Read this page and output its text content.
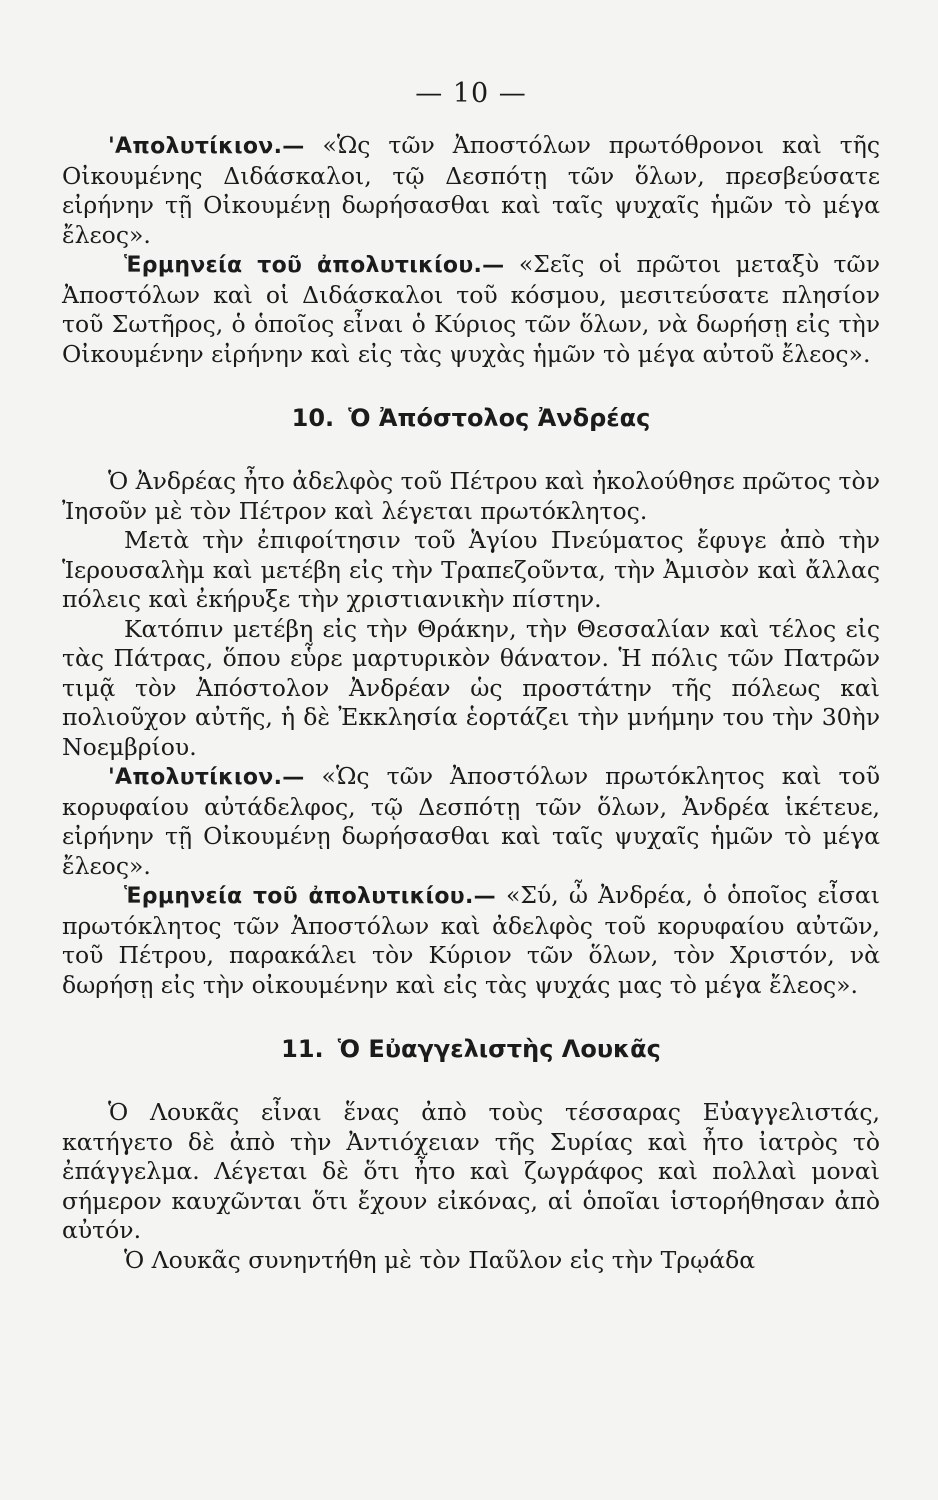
— 10 —

'Απολυτίκιον.— «Ὡς τῶν Ἀποστόλων πρωτόθρονοι καὶ τῆς Οἰκουμένης Διδάσκαλοι, τῷ Δεσπότῃ τῶν ὅλων, πρεσβεύσατε εἰρήνην τῇ Οἰκουμένῃ δωρήσασθαι καὶ ταῖς ψυχαῖς ἡμῶν τὸ μέγα ἔλεος».

Ἑρμηνεία τοῦ ἀπολυτικίου.— «Σεῖς οἱ πρῶτοι μεταξὺ τῶν Ἀποστόλων καὶ οἱ Διδάσκαλοι τοῦ κόσμου, μεσιτεύσατε πλησίον τοῦ Σωτῆρος, ὁ ὁποῖος εἶναι ὁ Κύριος τῶν ὅλων, νὰ δωρήσῃ εἰς τὴν Οἰκουμένην εἰρήνην καὶ εἰς τὰς ψυχὰς ἡμῶν τὸ μέγα αὐτοῦ ἔλεος».

10. Ὁ Ἀπόστολος Ἀνδρέας

Ὁ Ἀνδρέας ἦτο ἀδελφὸς τοῦ Πέτρου καὶ ἠκολούθησε πρῶτος τὸν Ἰησοῦν μὲ τὸν Πέτρον καὶ λέγεται πρωτόκλητος.

Μετὰ τὴν ἐπιφοίτησιν τοῦ Ἁγίου Πνεύματος ἔφυγε ἀπὸ τὴν Ἱερουσαλὴμ καὶ μετέβη εἰς τὴν Τραπεζοῦντα, τὴν Ἀμισὸν καὶ ἄλλας πόλεις καὶ ἐκήρυξε τὴν χριστιανικὴν πίστην.

Κατόπιν μετέβη εἰς τὴν Θράκην, τὴν Θεσσαλίαν καὶ τέλος εἰς τὰς Πάτρας, ὅπου εὗρε μαρτυρικὸν θάνατον. Ἡ πόλις τῶν Πατρῶν τιμᾷ τὸν Ἀπόστολον Ἀνδρέαν ὡς προστάτην τῆς πόλεως καὶ πολιοῦχον αὐτῆς, ἡ δὲ Ἐκκλησία ἑορτάζει τὴν μνήμην του τὴν 30ὴν Νοεμβρίου.

'Απολυτίκιον.— «Ὡς τῶν Ἀποστόλων πρωτόκλητος καὶ τοῦ κορυφαίου αὐτάδελφος, τῷ Δεσπότῃ τῶν ὅλων, Ἀνδρέα ἱκέτευε, εἰρήνην τῇ Οἰκουμένῃ δωρήσασθαι καὶ ταῖς ψυχαῖς ἡμῶν τὸ μέγα ἔλεος».

Ἑρμηνεία τοῦ ἀπολυτικίου.— «Σύ, ὦ Ἀνδρέα, ὁ ὁποῖος εἶσαι πρωτόκλητος τῶν Ἀποστόλων καὶ ἀδελφὸς τοῦ κορυφαίου αὐτῶν, τοῦ Πέτρου, παρακάλει τὸν Κύριον τῶν ὅλων, τὸν Χριστόν, νὰ δωρήσῃ εἰς τὴν οἰκουμένην καὶ εἰς τὰς ψυχάς μας τὸ μέγα ἔλεος».

11. Ὁ Εὐαγγελιστὴς Λουκᾶς

Ὁ Λουκᾶς εἶναι ἕνας ἀπὸ τοὺς τέσσαρας Εὐαγγελιστάς, κατήγετο δὲ ἀπὸ τὴν Ἀντιόχειαν τῆς Συρίας καὶ ἦτο ἰατρὸς τὸ ἐπάγγελμα. Λέγεται δὲ ὅτι ἦτο καὶ ζωγράφος καὶ πολλαὶ μοναὶ σήμερον καυχῶνται ὅτι ἔχουν εἰκόνας, αἱ ὁποῖαι ἱστορήθησαν ἀπὸ αὐτόν.

Ὁ Λουκᾶς συνηντήθη μὲ τὸν Παῦλον εἰς τὴν Τρῳάδα
